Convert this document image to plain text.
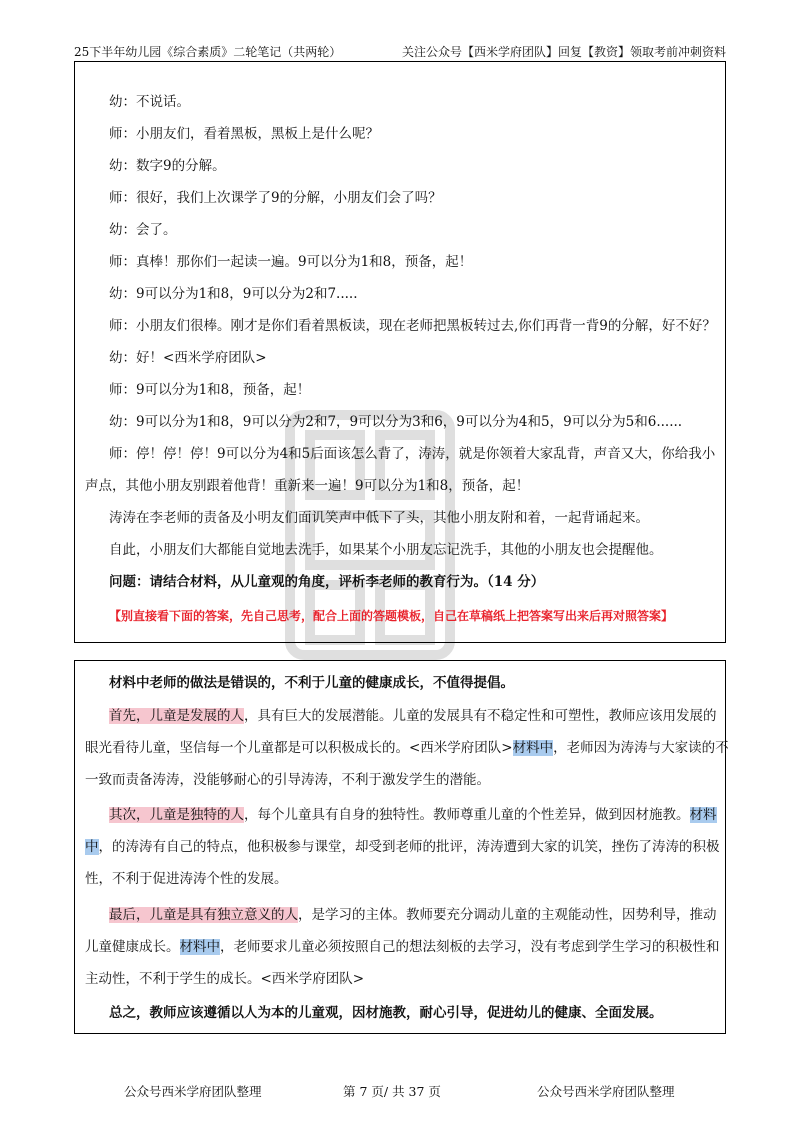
25下半年幼儿园《综合素质》二轮笔记（共两轮）	关注公众号【西米学府团队】回复【教资】领取考前冲刺资料
幼：不说话。
师：小朋友们，看着黑板，黑板上是什么呢？
幼：数字9的分解。
师：很好，我们上次课学了9的分解，小朋友们会了吗？
幼：会了。
师：真棒！那你们一起读一遍。9可以分为1和8，预备，起！
幼：9可以分为1和8，9可以分为2和7.....
师：小朋友们很棒。刚才是你们看着黑板读，现在老师把黑板转过去,你们再背一背9的分解，好不好？
幼：好！<西米学府团队>
师：9可以分为1和8，预备，起！
幼：9可以分为1和8，9可以分为2和7，9可以分为3和6，9可以分为4和5，9可以分为5和6......
师：停！停！停！9可以分为4和5后面该怎么背了，涛涛，就是你领着大家乱背，声音又大，你给我小
声点，其他小朋友别跟着他背！重新来一遍！9可以分为1和8，预备，起！
涛涛在李老师的责备及小明友们面讥笑声中低下了头，其他小朋友附和着，一起背诵起来。
自此，小朋友们大都能自觉地去洗手，如果某个小朋友忘记洗手，其他的小朋友也会提醒他。
问题：请结合材料，从儿童观的角度，评析李老师的教育行为。（14 分）
【别直接看下面的答案，先自己思考，配合上面的答题模板，自己在草稿纸上把答案写出来后再对照答案】
材料中老师的做法是错误的，不利于儿童的健康成长，不值得提倡。
首先，儿童是发展的人，具有巨大的发展潜能。儿童的发展具有不稳定性和可塑性，教师应该用发展的
眼光看待儿童，坚信每一个儿童都是可以积极成长的。<西米学府团队>材料中，老师因为涛涛与大家读的不
一致而责备涛涛，没能够耐心的引导涛涛，不利于激发学生的潜能。
其次，儿童是独特的人，每个儿童具有自身的独特性。教师尊重儿童的个性差异，做到因材施教。材料
中，的涛涛有自己的特点，他积极参与课堂，却受到老师的批评，涛涛遭到大家的讥笑，挫伤了涛涛的积极
性，不利于促进涛涛个性的发展。
最后，儿童是具有独立意义的人，是学习的主体。教师要充分调动儿童的主观能动性，因势利导，推动
儿童健康成长。材料中，老师要求儿童必须按照自己的想法刻板的去学习，没有考虑到学生学习的积极性和
主动性，不利于学生的成长。<西米学府团队>
总之，教师应该遵循以人为本的儿童观，因材施教，耐心引导，促进幼儿的健康、全面发展。
公众号西米学府团队整理	第 7 页/ 共 37 页	公众号西米学府团队整理
